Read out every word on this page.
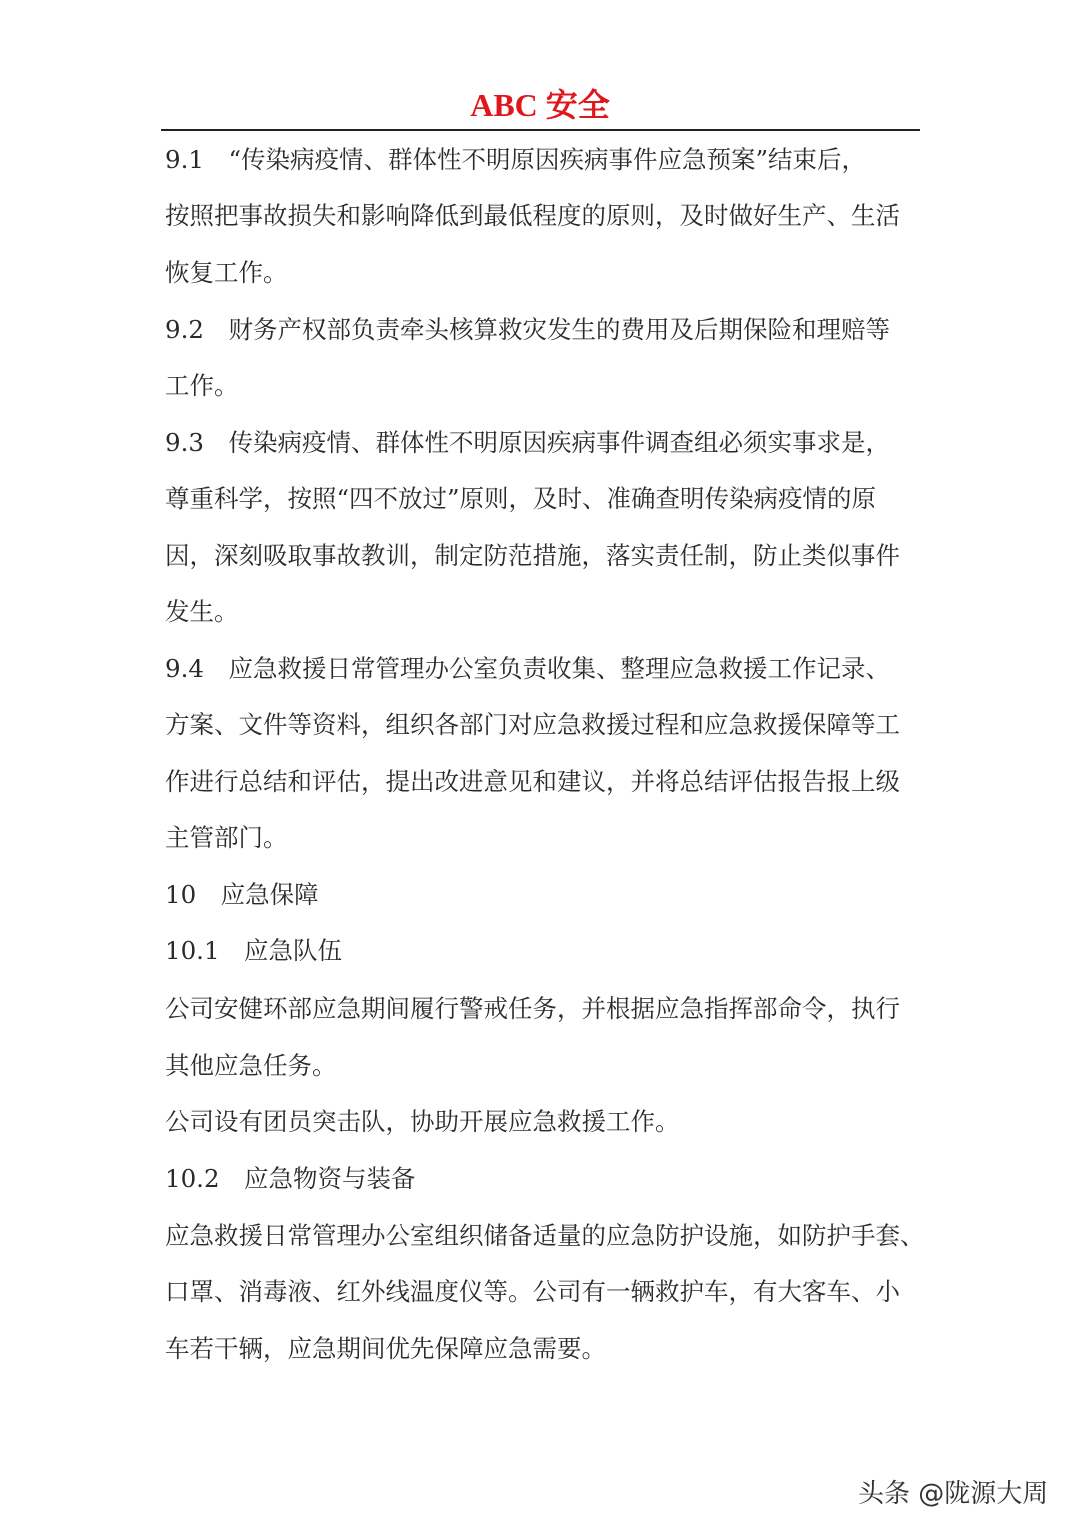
ABC 安全
9.1　“传染病疫情、群体性不明原因疾病事件应急预案”结束后，
按照把事故损失和影响降低到最低程度的原则，及时做好生产、生活
恢复工作。
9.2　财务产权部负责牵头核算救灾发生的费用及后期保险和理赔等
工作。
9.3　传染病疫情、群体性不明原因疾病事件调查组必须实事求是，
尊重科学，按照“四不放过”原则，及时、准确查明传染病疫情的原
因，深刻吸取事故教训，制定防范措施，落实责任制，防止类似事件
发生。
9.4　应急救援日常管理办公室负责收集、整理应急救援工作记录、
方案、文件等资料，组织各部门对应急救援过程和应急救援保障等工
作进行总结和评估，提出改进意见和建议，并将总结评估报告报上级
主管部门。
10　应急保障
10.1　应急队伍
公司安健环部应急期间履行警戒任务，并根据应急指挥部命令，执行
其他应急任务。
公司设有团员突击队，协助开展应急救援工作。
10.2　应急物资与装备
应急救援日常管理办公室组织储备适量的应急防护设施，如防护手套、
口罩、消毒液、红外线温度仪等。公司有一辆救护车，有大客车、小
车若干辆，应急期间优先保障应急需要。
头条 @陇源大周
